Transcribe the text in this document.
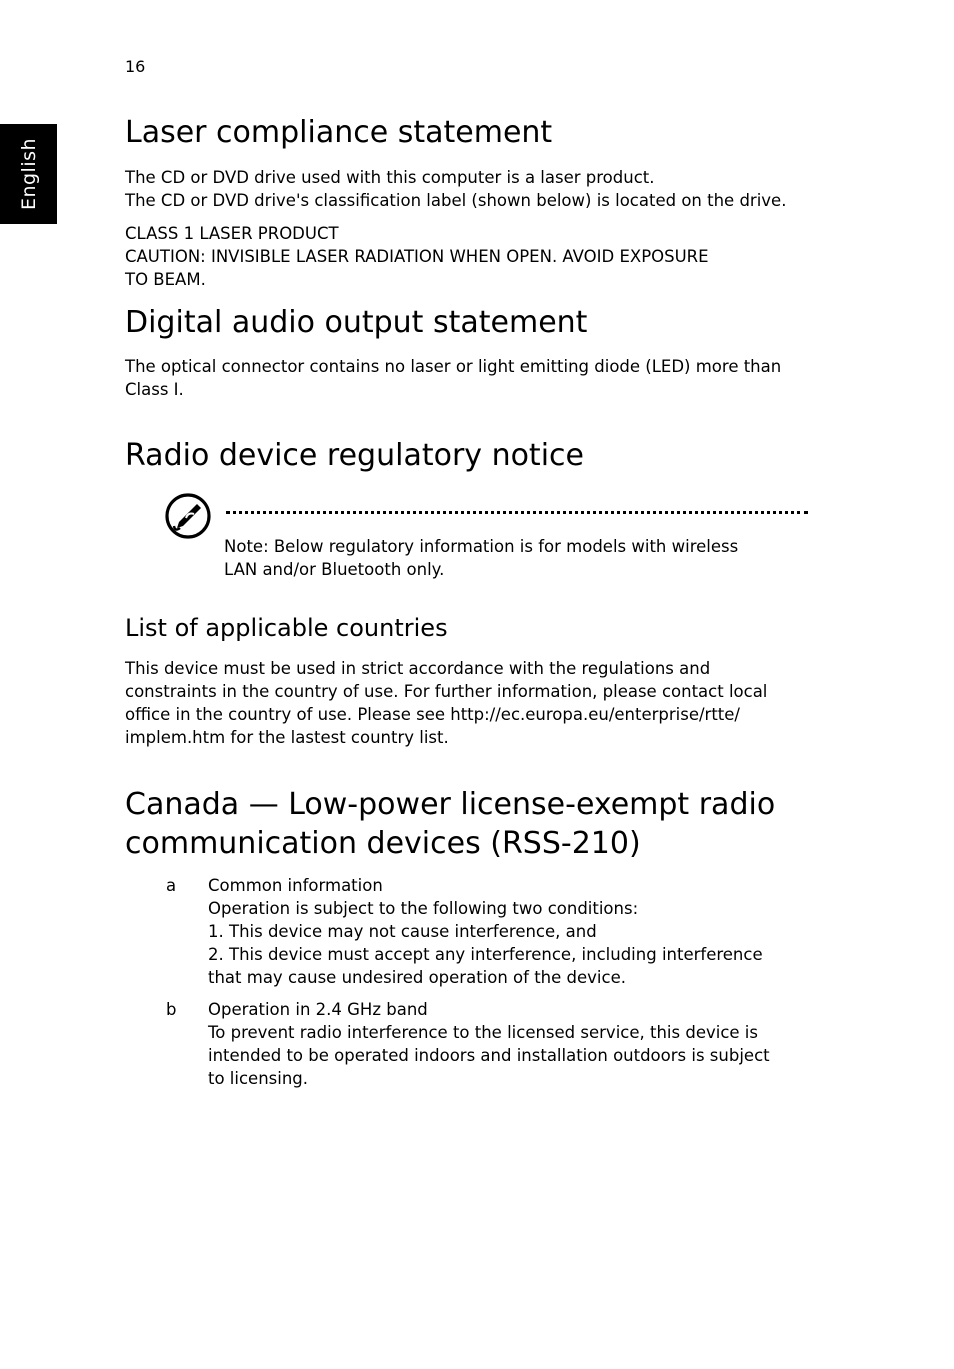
16
English
Laser compliance statement
The CD or DVD drive used with this computer is a laser product.
The CD or DVD drive's classification label (shown below) is located on the drive.
CLASS 1 LASER PRODUCT
CAUTION: INVISIBLE LASER RADIATION WHEN OPEN. AVOID EXPOSURE
TO BEAM.
Digital audio output statement
The optical connector contains no laser or light emitting diode (LED) more than
Class I.
Radio device regulatory notice
Note: Below regulatory information is for models with wireless
LAN and/or Bluetooth only.
List of applicable countries
This device must be used in strict accordance with the regulations and
constraints in the country of use. For further information, please contact local
office in the country of use. Please see http://ec.europa.eu/enterprise/rtte/
implem.htm for the lastest country list.
Canada — Low-power license-exempt radio
communication devices (RSS-210)
a Common information
Operation is subject to the following two conditions:
1. This device may not cause interference, and
2. This device must accept any interference, including interference
that may cause undesired operation of the device.
b Operation in 2.4 GHz band
To prevent radio interference to the licensed service, this device is
intended to be operated indoors and installation outdoors is subject
to licensing.
